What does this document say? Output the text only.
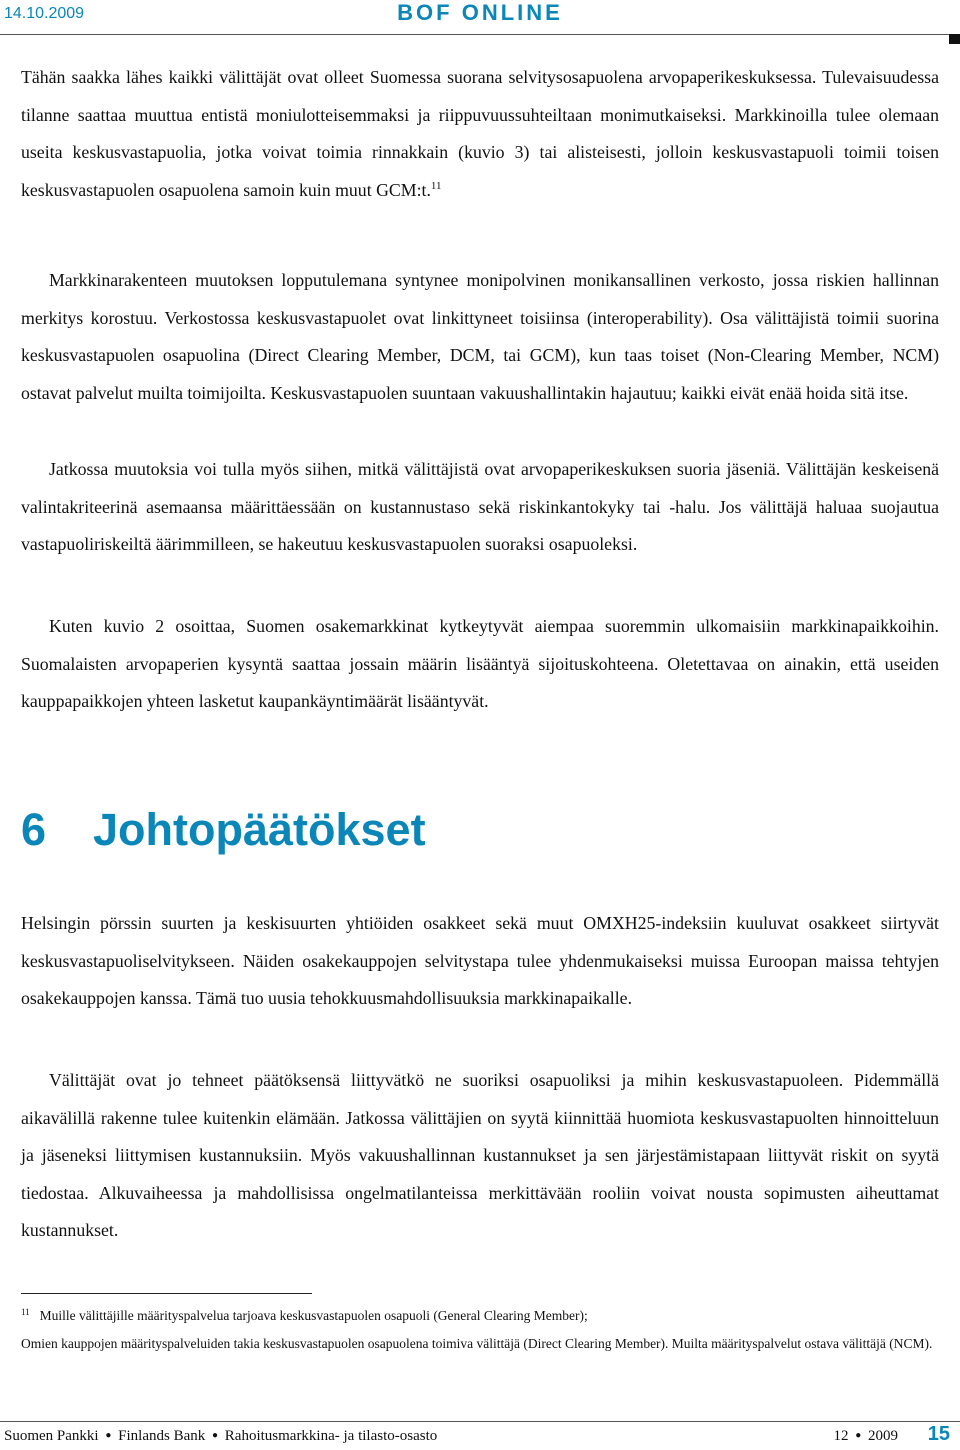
14.10.2009	BOF ONLINE

Tähän saakka lähes kaikki välittäjät ovat olleet Suomessa suorana selvitysosapuolena arvopaperikeskuksessa. Tulevaisuudessa tilanne saattaa muuttua entistä moniulotteisemmaksi ja riippuvuussuhteiltaan monimutkaiseksi. Markkinoilla tulee olemaan useita keskusvastapuolia, jotka voivat toimia rinnakkain (kuvio 3) tai alisteisesti, jolloin keskusvastapuoli toimii toisen keskusvastapuolen osapuolena samoin kuin muut GCM:t.$^{11}$

Markkinarakenteen muutoksen lopputulemana syntynee monipolvinen monikansallinen verkosto, jossa riskien hallinnan merkitys korostuu. Verkostossa keskusvastapuolet ovat linkittyneet toisiinsa (interoperability). Osa välittäjistä toimii suorina keskusvastapuolen osapuolina (Direct Clearing Member, DCM, tai GCM), kun taas toiset (Non-Clearing Member, NCM) ostavat palvelut muilta toimijoilta. Keskusvastapuolen suuntaan vakuushallintakin hajautuu; kaikki eivät enää hoida sitä itse.

Jatkossa muutoksia voi tulla myös siihen, mitkä välittäjistä ovat arvopaperikeskuksen suoria jäseniä. Välittäjän keskeisenä valintakriteerinä asemaansa määrittäessään on kustannustaso sekä riskinkantokyky tai -halu. Jos välittäjä haluaa suojautua vastapuoliriskeiltä äärimmilleen, se hakeutuu keskusvastapuolen suoraksi osapuoleksi.

Kuten kuvio 2 osoittaa, Suomen osakemarkkinat kytkeytyvät aiempaa suoremmin ulkomaisiin markkinapaikkoihin. Suomalaisten arvopaperien kysyntä saattaa jossain määrin lisääntyä sijoituskohteena. Oletettavaa on ainakin, että useiden kauppapaikkojen yhteen lasketut kaupankäyntimäärät lisääntyvät.

6 Johtopäätökset

Helsingin pörssin suurten ja keskisuurten yhtiöiden osakkeet sekä muut OMXH25-indeksiin kuuluvat osakkeet siirtyvät keskusvastapuoliselvitykseen. Näiden osakekauppojen selvitystapa tulee yhdenmukaiseksi muissa Euroopan maissa tehtyjen osakekauppojen kanssa. Tämä tuo uusia tehokkuusmahdollisuuksia markkinapaikalle.

Välittäjät ovat jo tehneet päätöksensä liittyvätkö ne suoriksi osapuoliksi ja mihin keskusvastapuoleen. Pidemmällä aikavälillä rakenne tulee kuitenkin elämään. Jatkossa välittäjien on syytä kiinnittää huomiota keskusvastapuolten hinnoitteluun ja jäseneksi liittymisen kustannuksiin. Myös vakuushallinnan kustannukset ja sen järjestämistapaan liittyvät riskit on syytä tiedostaa. Alkuvaiheessa ja mahdollisissa ongelmatilanteissa merkittävään rooliin voivat nousta sopimusten aiheuttamat kustannukset.

$^{11}$ Muille välittäjille määrityspalvelua tarjoava keskusvastapuolen osapuoli (General Clearing Member);

Omien kauppojen määrityspalveluiden takia keskusvastapuolen osapuolena toimiva välittäjä (Direct Clearing Member). Muilta määrityspalvelut ostava välittäjä (NCM).

Suomen Pankki ● Finlands Bank ● Rahoitusmarkkina- ja tilasto-osasto	12 ● 2009 15
